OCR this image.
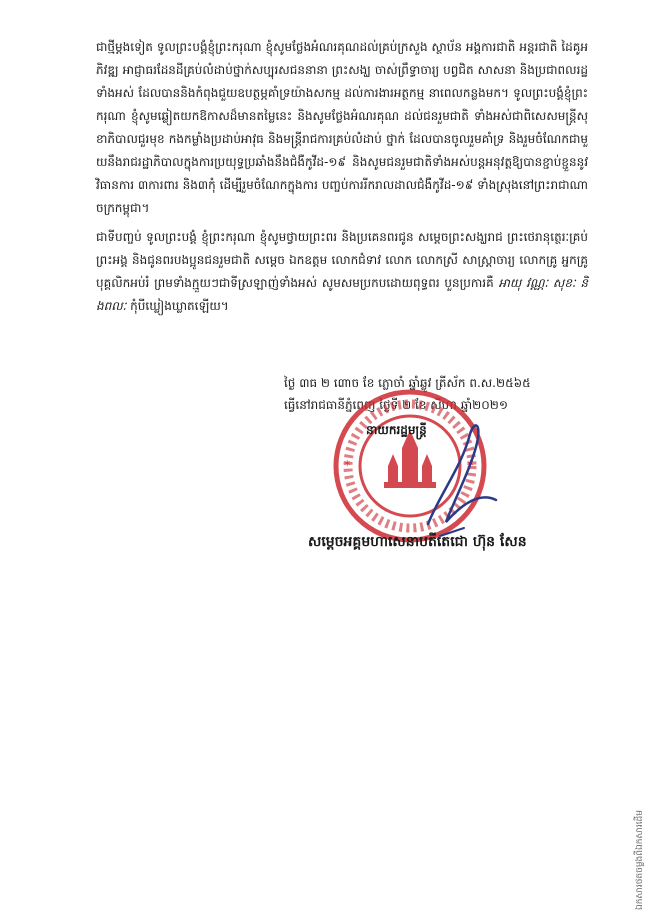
ជាថ្មីម្តងទៀត ទូលព្រះបង្គំខ្ញុំព្រះករុណា ខ្ញុំសូមថ្លែងអំណរគុណដល់គ្រប់ក្រសួង ស្ថាប័ន អង្គការជាតិ អន្តរជាតិ ដៃគូអភិវឌ្ឍ អាជ្ញាធរដែនដីគ្រប់លំដាប់ថ្នាក់សប្បុរសជននានា ព្រះសង្ឃ ចាស់ព្រឹទ្ធាចារ្យ បព្វជិត សាសនា និងប្រជាពលរដ្ឋទាំងអស់ ដែលបាននិងកំពុងជួយឧបត្ថម្ភគាំទ្រយ៉ាងសកម្ម ដល់ការងារអត្ថកម្ម នាពេលកន្លងមក។ ទូលព្រះបង្គំខ្ញុំព្រះករុណា ខ្ញុំសូមឆ្លៀតយកឱកាសដ៏មានតម្លៃនេះ និងសូមថ្លែងអំណរគុណ ដល់ជនរួមជាតិ ទាំងអស់ជាពិសេសមន្រ្តីសុខាភិបាលជួរមុខ កងកម្លាំងប្រដាប់អាវុធ និងមន្រ្តីរាជការគ្រប់លំដាប់ ថ្នាក់ ដែលបានចូលរួមគាំទ្រ និងរួមចំណែកជាមួយនឹងរាជរដ្ឋាភិបាលក្នុងការប្រយុទ្ធប្រឆាំងនឹងជំងឺកូវីដ-១៩ និងសូមជនរួមជាតិទាំងអស់បន្តអនុវត្តឱ្យបានខ្ជាប់ខ្ជួននូវ វិធានការ ៣ការពារ និង៣កុំ ដើម្បីរួមចំណែកក្នុងការ បញ្ចប់ការរីករាលដាលជំងឺកូវីដ-១៩ ទាំងស្រុងនៅព្រះរាជាណាចក្រកម្ពុជា។

ជាទីបញ្ចប់ ទូលព្រះបង្គំ ខ្ញុំព្រះករុណា ខ្ញុំសូមថ្វាយព្រះពរ និងប្រគេនពរជូន សម្តេចព្រះសង្ឃរាជ ព្រះថេរានុត្ថេរៈគ្រប់ព្រះអង្គ និងជូនពរបងប្អូនជនរួមជាតិ សម្តេច ឯកឧត្តម លោកជំទាវ លោក លោកស្រី សាស្ត្រាចារ្យ លោកគ្រូ អ្នកគ្រូ បុគ្គលិកអប់រំ ព្រមទាំងក្មួយៗជាទីស្រឡាញ់ទាំងអស់ សូមសមប្រកបដោយពុទ្ធពរ បួនប្រការគឺ អាយុ វណ្ណៈ សុខៈ និងពលៈ កុំបីឃ្លៀងឃ្លាតឡើយ។

ថ្ងៃ ៣ធ ២ ៣ោច ខែ ភ្លោចាំ ឆ្នាំឆ្លូវ ត្រីស័ក ព.ស.២៥៦៥
ធ្វើនៅរាជធានីភ្នំពេញ ថ្ងៃទី ២ ខែ សីហា ឆ្នាំ២០២១
*	*
នាយករដ្ឋមន្រ្តី
សម្តេចអគ្គមហាសេនាបតីតេជោ ហ៊ុន សែន
ឯកសារថតចម្លងពីឯកសារដើម
